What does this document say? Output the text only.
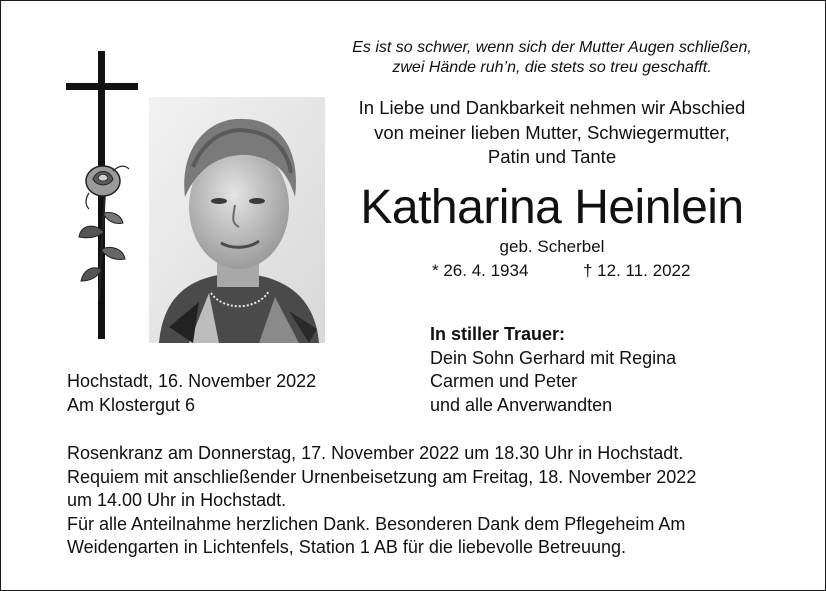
Es ist so schwer, wenn sich der Mutter Augen schließen,
zwei Hände ruh’n, die stets so treu geschafft.
In Liebe und Dankbarkeit nehmen wir Abschied
von meiner lieben Mutter, Schwiegermutter,
Patin und Tante
Katharina Heinlein
geb. Scherbel
* 26. 4. 1934	† 12. 11. 2022
In stiller Trauer:
Dein Sohn Gerhard mit Regina
Carmen und Peter
und alle Anverwandten
Hochstadt, 16. November 2022
Am Klostergut 6
Rosenkranz am Donnerstag, 17. November 2022 um 18.30 Uhr in Hochstadt.
Requiem mit anschließender Urnenbeisetzung am Freitag, 18. November 2022
um 14.00 Uhr in Hochstadt.
Für alle Anteilnahme herzlichen Dank. Besonderen Dank dem Pflegeheim Am
Weidengarten in Lichtenfels, Station 1 AB für die liebevolle Betreuung.
